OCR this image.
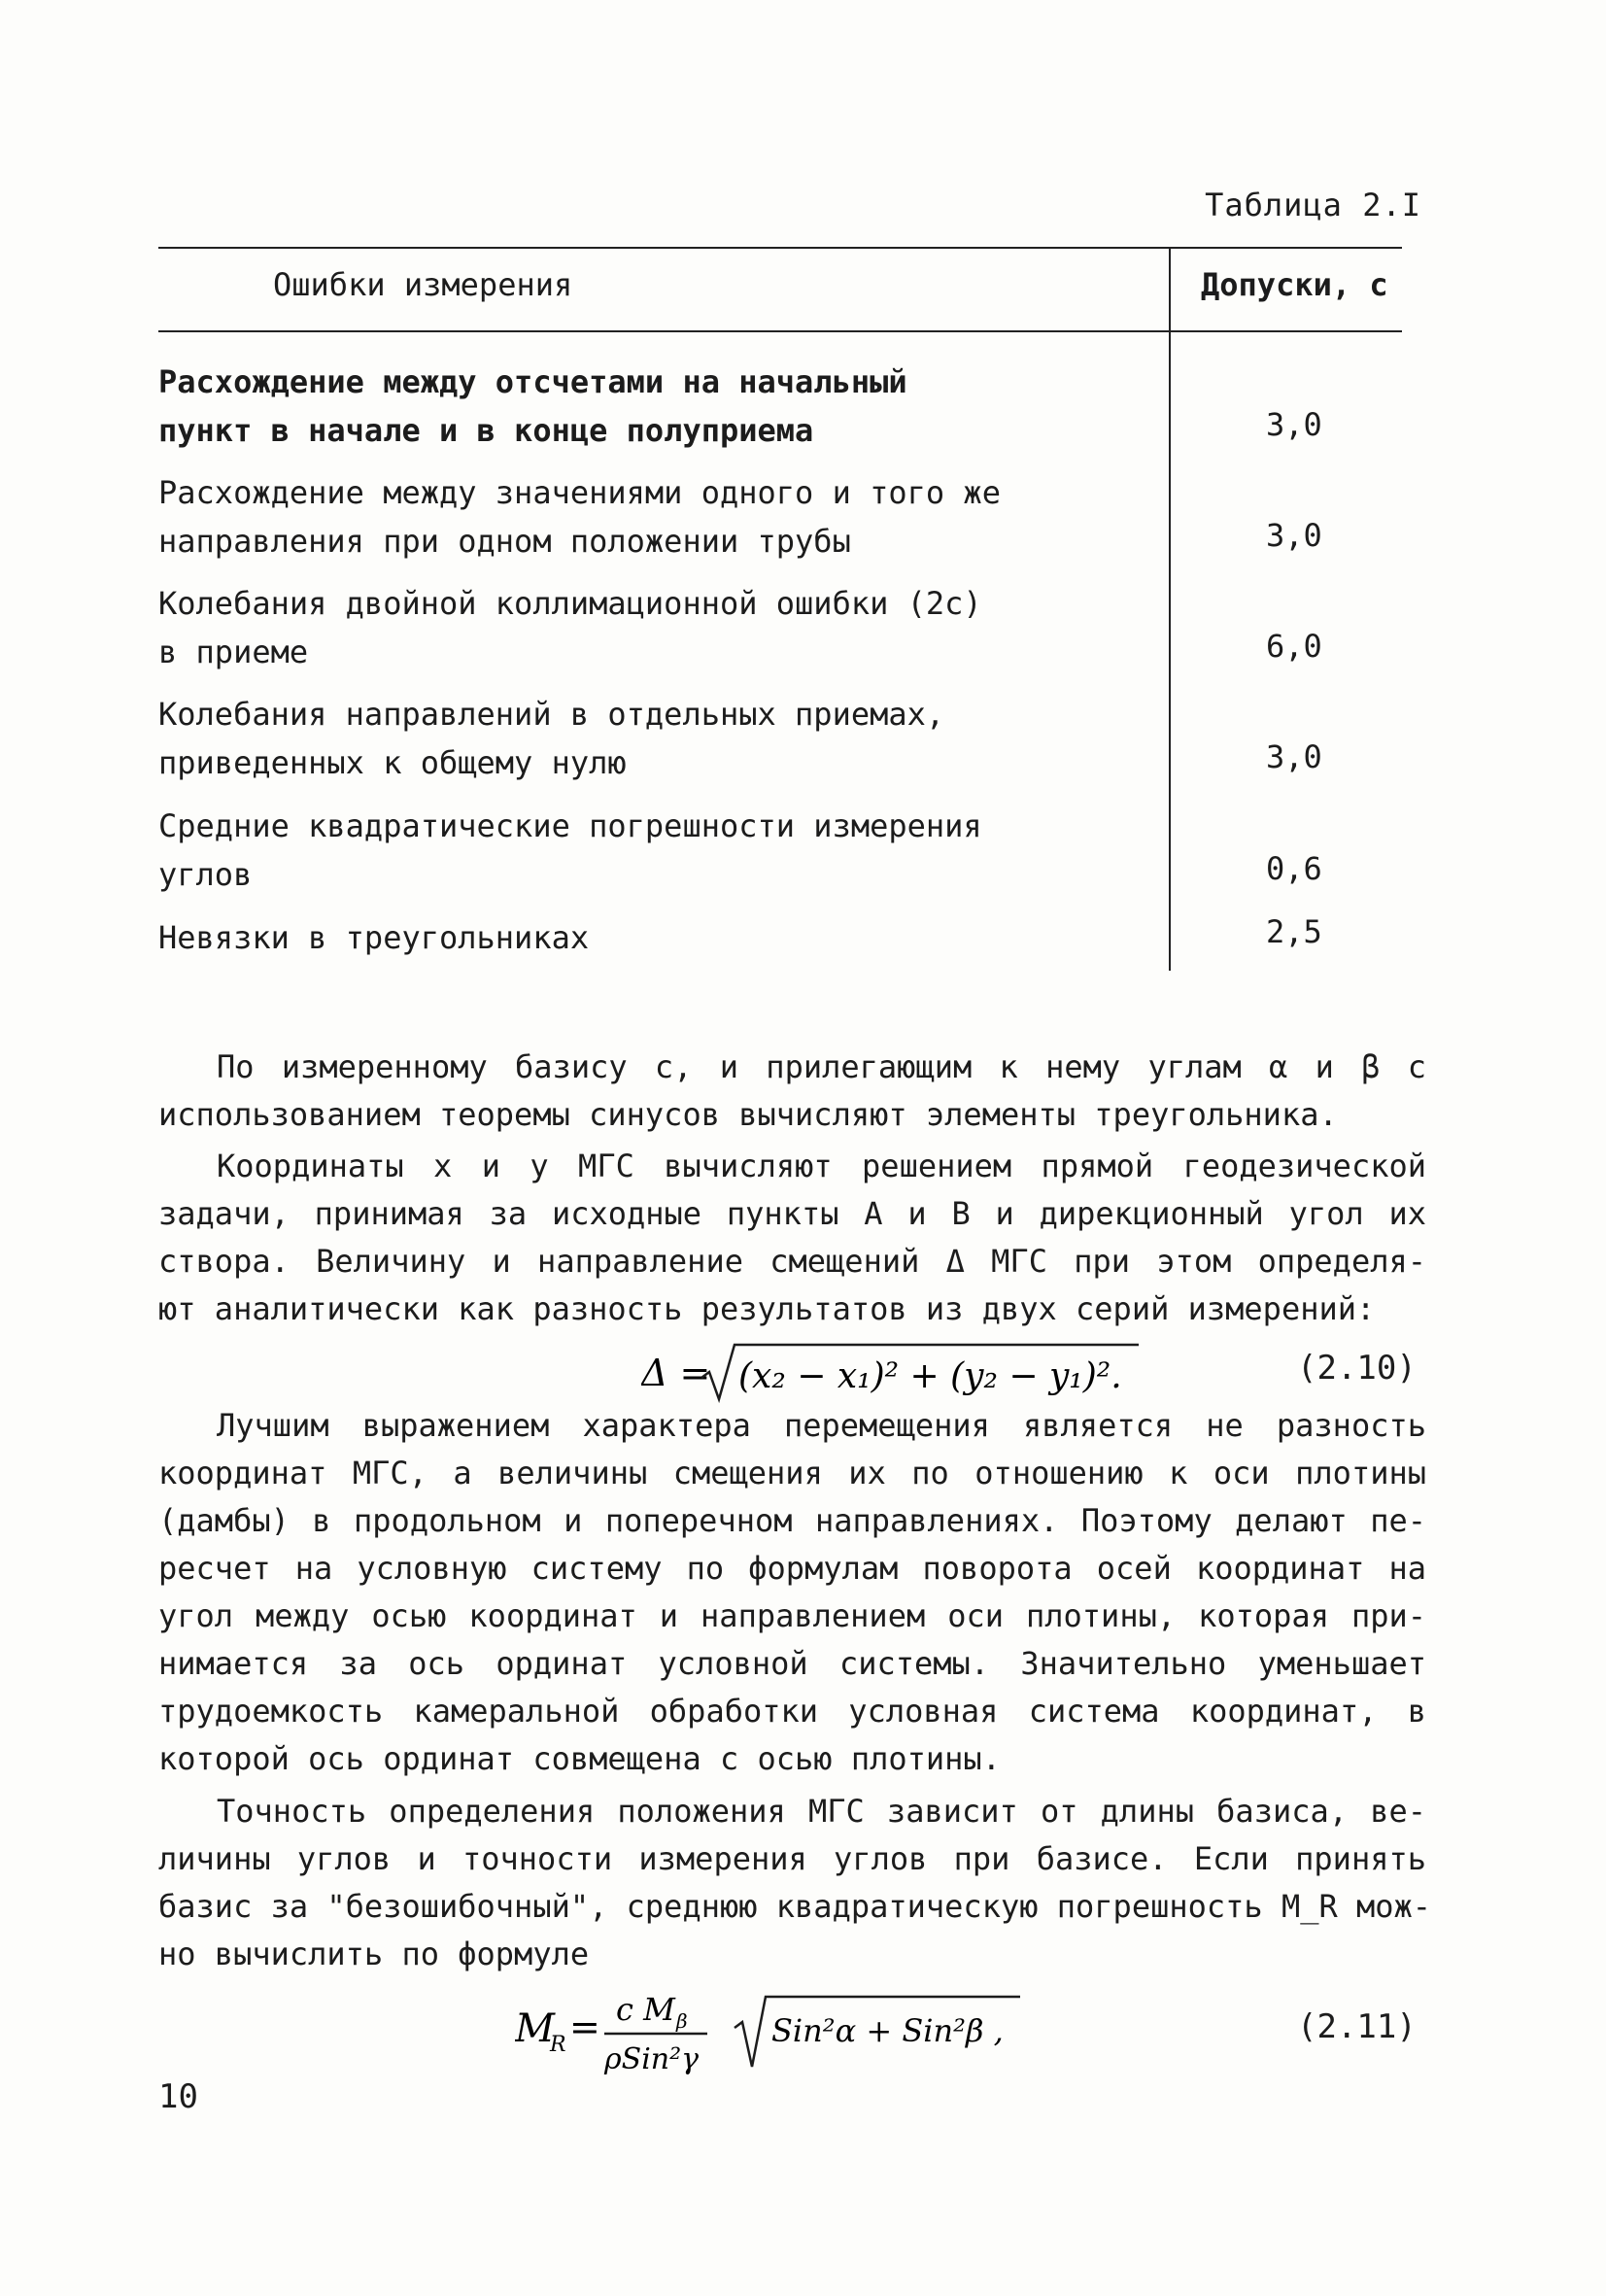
Таблица 2.I
Ошибки измерения	Допуски, с
Расхождение между отсчетами на начальный
пункт в начале и в конце полуприема	3,0
Расхождение между значениями одного и того же
направления при одном положении трубы	3,0
Колебания двойной коллимационной ошибки (2с)
в приеме	6,0
Колебания направлений в отдельных приемах,
приведенных к общему нулю	3,0
Средние квадратические погрешности измерения
углов	0,6
Невязки в треугольниках	2,5
По измеренному базису с, и прилегающим к нему углам α и β с
использованием теоремы синусов вычисляют элементы треугольника.
Координаты x и y МГС вычисляют решением прямой геодезической
задачи, принимая за исходные пункты А и В и дирекционный угол их
створа. Величину и направление смещений Δ МГС при этом определя-
ют аналитически как разность результатов из двух серий измерений:
Δ = (x₂ − x₁)² + (y₂ − y₁)².	(2.10)
Лучшим выражением характера перемещения является не разность
координат МГС, а величины смещения их по отношению к оси плотины
(дамбы) в продольном и поперечном направлениях. Поэтому делают пе-
ресчет на условную систему по формулам поворота осей координат на
угол между осью координат и направлением оси плотины, которая при-
нимается за ось ординат условной системы. Значительно уменьшает
трудоемкость камеральной обработки условная система координат, в
которой ось ординат совмещена с осью плотины.
Точность определения положения МГС зависит от длины базиса, ве-
личины углов и точности измерения углов при базисе. Если принять
базис за "безошибочный", среднюю квадратическую погрешность M_R мож-
но вычислить по формуле
M
R = c M β
ρSin²γ
Sin²α + Sin²β ,	(2.11)
10
